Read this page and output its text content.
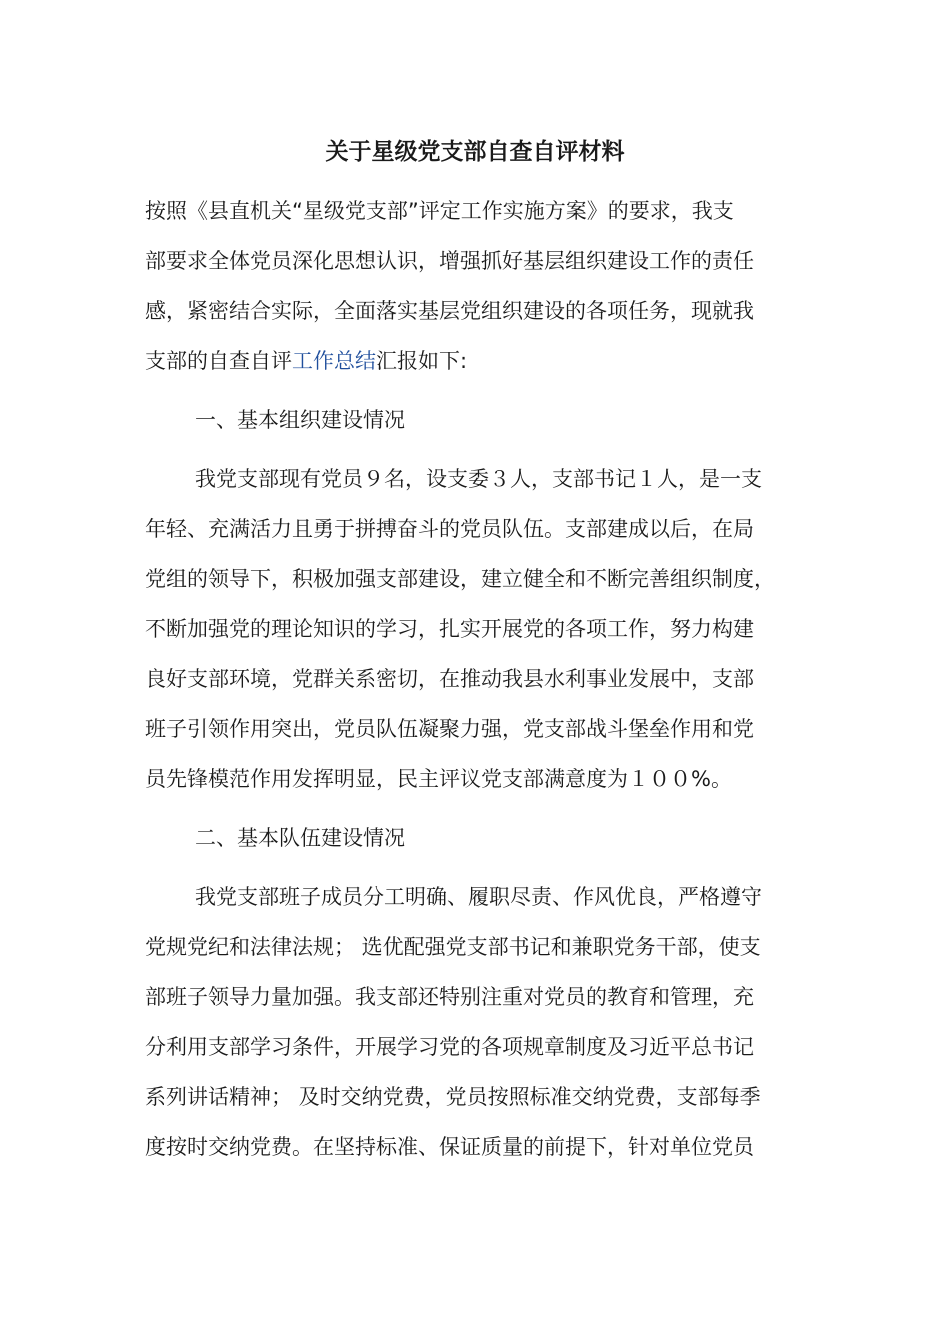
关于星级党支部自查自评材料
按照《县直机关“星级党支部”评定工作实施方案》的要求，我支
部要求全体党员深化思想认识，增强抓好基层组织建设工作的责任
感，紧密结合实际，全面落实基层党组织建设的各项任务，现就我
支部的自查自评工作总结汇报如下:
一、基本组织建设情况
我党支部现有党员９名，设支委３人，支部书记１人，是一支
年轻、充满活力且勇于拼搏奋斗的党员队伍。支部建成以后，在局
党组的领导下，积极加强支部建设，建立健全和不断完善组织制度，
不断加强党的理论知识的学习，扎实开展党的各项工作，努力构建
良好支部环境，党群关系密切，在推动我县水利事业发展中，支部
班子引领作用突出，党员队伍凝聚力强，党支部战斗堡垒作用和党
员先锋模范作用发挥明显，民主评议党支部满意度为１００%。
二、基本队伍建设情况
我党支部班子成员分工明确、履职尽责、作风优良，严格遵守
党规党纪和法律法规； 选优配强党支部书记和兼职党务干部，使支
部班子领导力量加强。我支部还特别注重对党员的教育和管理，充
分利用支部学习条件，开展学习党的各项规章制度及习近平总书记
系列讲话精神； 及时交纳党费，党员按照标准交纳党费，支部每季
度按时交纳党费。在坚持标准、保证质量的前提下，针对单位党员
